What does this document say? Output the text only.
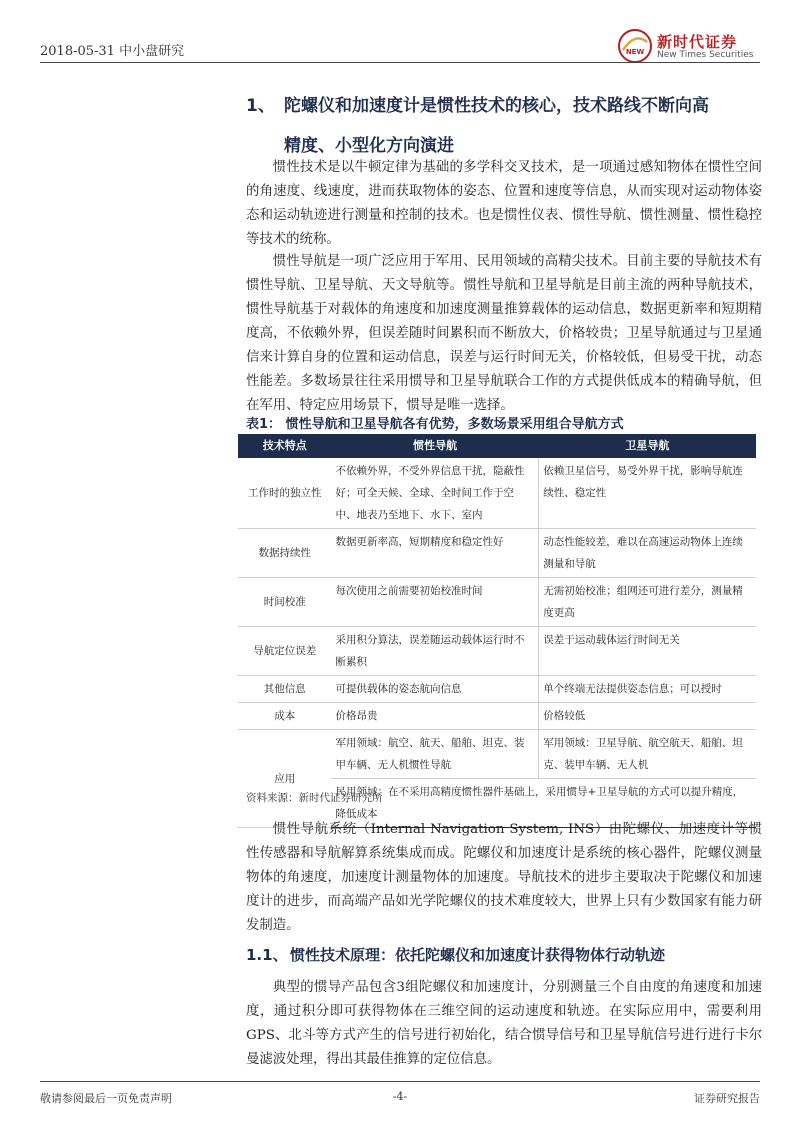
2018-05-31 中小盘研究	NEW
新时代证券
New Times Securities
1、 陀螺仪和加速度计是惯性技术的核心，技术路线不断向高
精度、小型化方向演进
惯性技术是以牛顿定律为基础的多学科交叉技术，是一项通过感知物体在惯性空间的角速度、线速度，进而获取物体的姿态、位置和速度等信息，从而实现对运动物体姿态和运动轨迹进行测量和控制的技术。也是惯性仪表、惯性导航、惯性测量、惯性稳控等技术的统称。
惯性导航是一项广泛应用于军用、民用领域的高精尖技术。目前主要的导航技术有惯性导航、卫星导航、天文导航等。惯性导航和卫星导航是目前主流的两种导航技术，惯性导航基于对载体的角速度和加速度测量推算载体的运动信息，数据更新率和短期精度高，不依赖外界，但误差随时间累积而不断放大，价格较贵；卫星导航通过与卫星通信来计算自身的位置和运动信息，误差与运行时间无关，价格较低，但易受干扰，动态性能差。多数场景往往采用惯导和卫星导航联合工作的方式提供低成本的精确导航，但在军用、特定应用场景下，惯导是唯一选择。
表1： 惯性导航和卫星导航各有优势，多数场景采用组合导航方式
技术特点	惯性导航	卫星导航
工作时的独立性	不依赖外界，不受外界信息干扰，隐蔽性好；可全天候、全球、全时间工作于空中、地表乃至地下、水下、室内	依赖卫星信号，易受外界干扰，影响导航连续性、稳定性
数据持续性	数据更新率高，短期精度和稳定性好	动态性能较差，难以在高速运动物体上连续测量和导航
时间校准	每次使用之前需要初始校准时间	无需初始校准；组网还可进行差分，测量精度更高
导航定位误差	采用积分算法，误差随运动载体运行时不断累积	误差于运动载体运行时间无关
其他信息	可提供载体的姿态航向信息	单个终端无法提供姿态信息；可以授时
成本	价格昂贵	价格较低
应用	军用领域：航空、航天、船舶、坦克、装甲车辆、无人机惯性导航	军用领域：卫星导航、航空航天、船舶、坦克、装甲车辆、无人机
	民用领域：在不采用高精度惯性器件基础上，采用惯导+卫星导航的方式可以提升精度，降低成本	
资料来源：新时代证券研究所
惯性导航系统（Internal Navigation System, INS）由陀螺仪、加速度计等惯性传感器和导航解算系统集成而成。陀螺仪和加速度计是系统的核心器件，陀螺仪测量物体的角速度，加速度计测量物体的加速度。导航技术的进步主要取决于陀螺仪和加速度计的进步，而高端产品如光学陀螺仪的技术难度较大，世界上只有少数国家有能力研发制造。
1.1、 惯性技术原理：依托陀螺仪和加速度计获得物体行动轨迹
典型的惯导产品包含3组陀螺仪和加速度计，分别测量三个自由度的角速度和加速度，通过积分即可获得物体在三维空间的运动速度和轨迹。在实际应用中，需要利用GPS、北斗等方式产生的信号进行初始化，结合惯导信号和卫星导航信号进行进行卡尔曼滤波处理，得出其最佳推算的定位信息。
敬请参阅最后一页免责声明	-4-	证券研究报告
